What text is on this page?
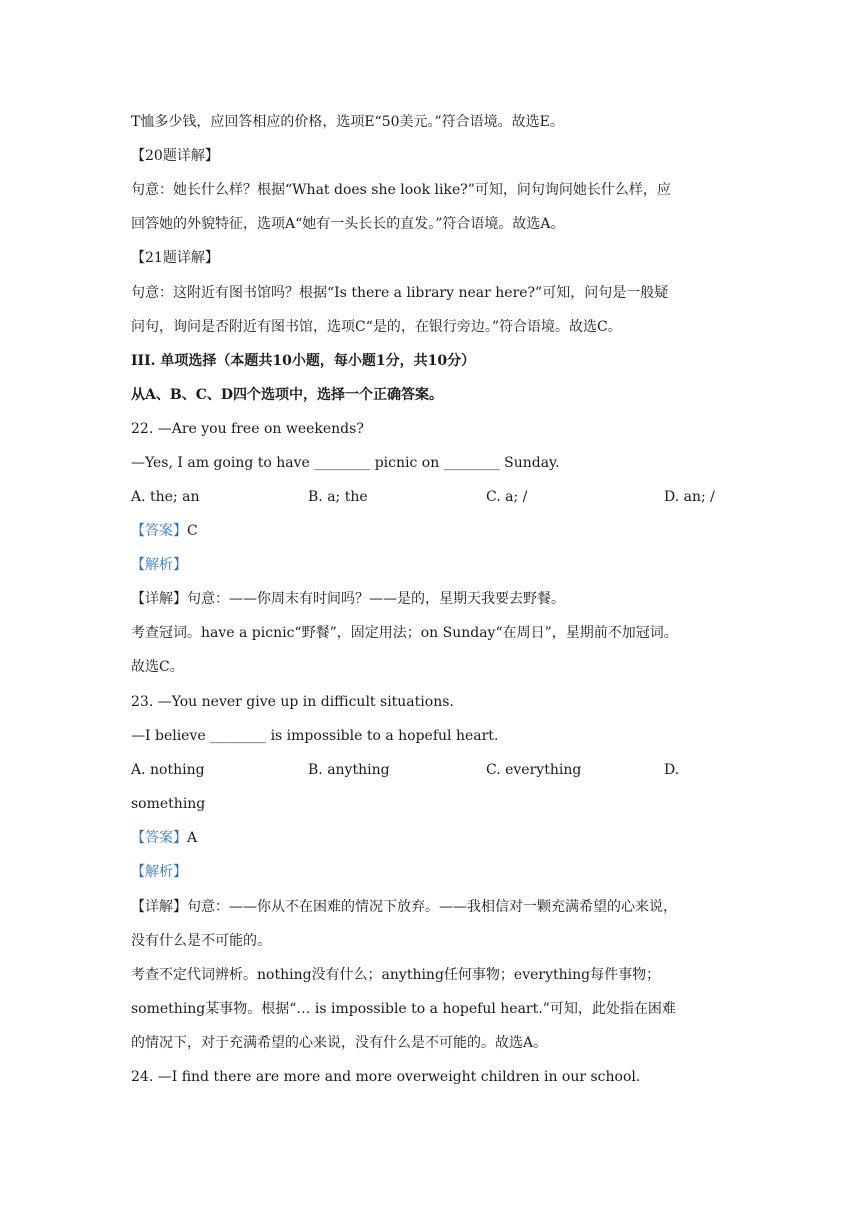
T恤多少钱，应回答相应的价格，选项E“50美元。”符合语境。故选E。
【20题详解】
句意：她长什么样？根据“What does she look like?”可知，问句询问她长什么样，应
回答她的外貌特征，选项A“她有一头长长的直发。”符合语境。故选A。
【21题详解】
句意：这附近有图书馆吗？根据“Is there a library near here?”可知，问句是一般疑
问句，询问是否附近有图书馆，选项C“是的，在银行旁边。”符合语境。故选C。
III. 单项选择（本题共10小题，每小题1分，共10分）
从A、B、C、D四个选项中，选择一个正确答案。
22. —Are you free on weekends?
—Yes, I am going to have ________ picnic on ________ Sunday.
A. the; an	B. a; the	C. a; /	D. an; /
【答案】C
【解析】
【详解】句意：——你周末有时间吗？——是的，星期天我要去野餐。
考查冠词。have a picnic“野餐”，固定用法；on Sunday“在周日”，星期前不加冠词。
故选C。
23. —You never give up in difficult situations.
—I believe ________ is impossible to a hopeful heart.
A. nothing	B. anything	C. everything	D.
something
【答案】A
【解析】
【详解】句意：——你从不在困难的情况下放弃。——我相信对一颗充满希望的心来说，
没有什么是不可能的。
考查不定代词辨析。nothing没有什么；anything任何事物；everything每件事物；
something某事物。根据“… is impossible to a hopeful heart.”可知，此处指在困难
的情况下，对于充满希望的心来说，没有什么是不可能的。故选A。
24. —I find there are more and more overweight children in our school.
